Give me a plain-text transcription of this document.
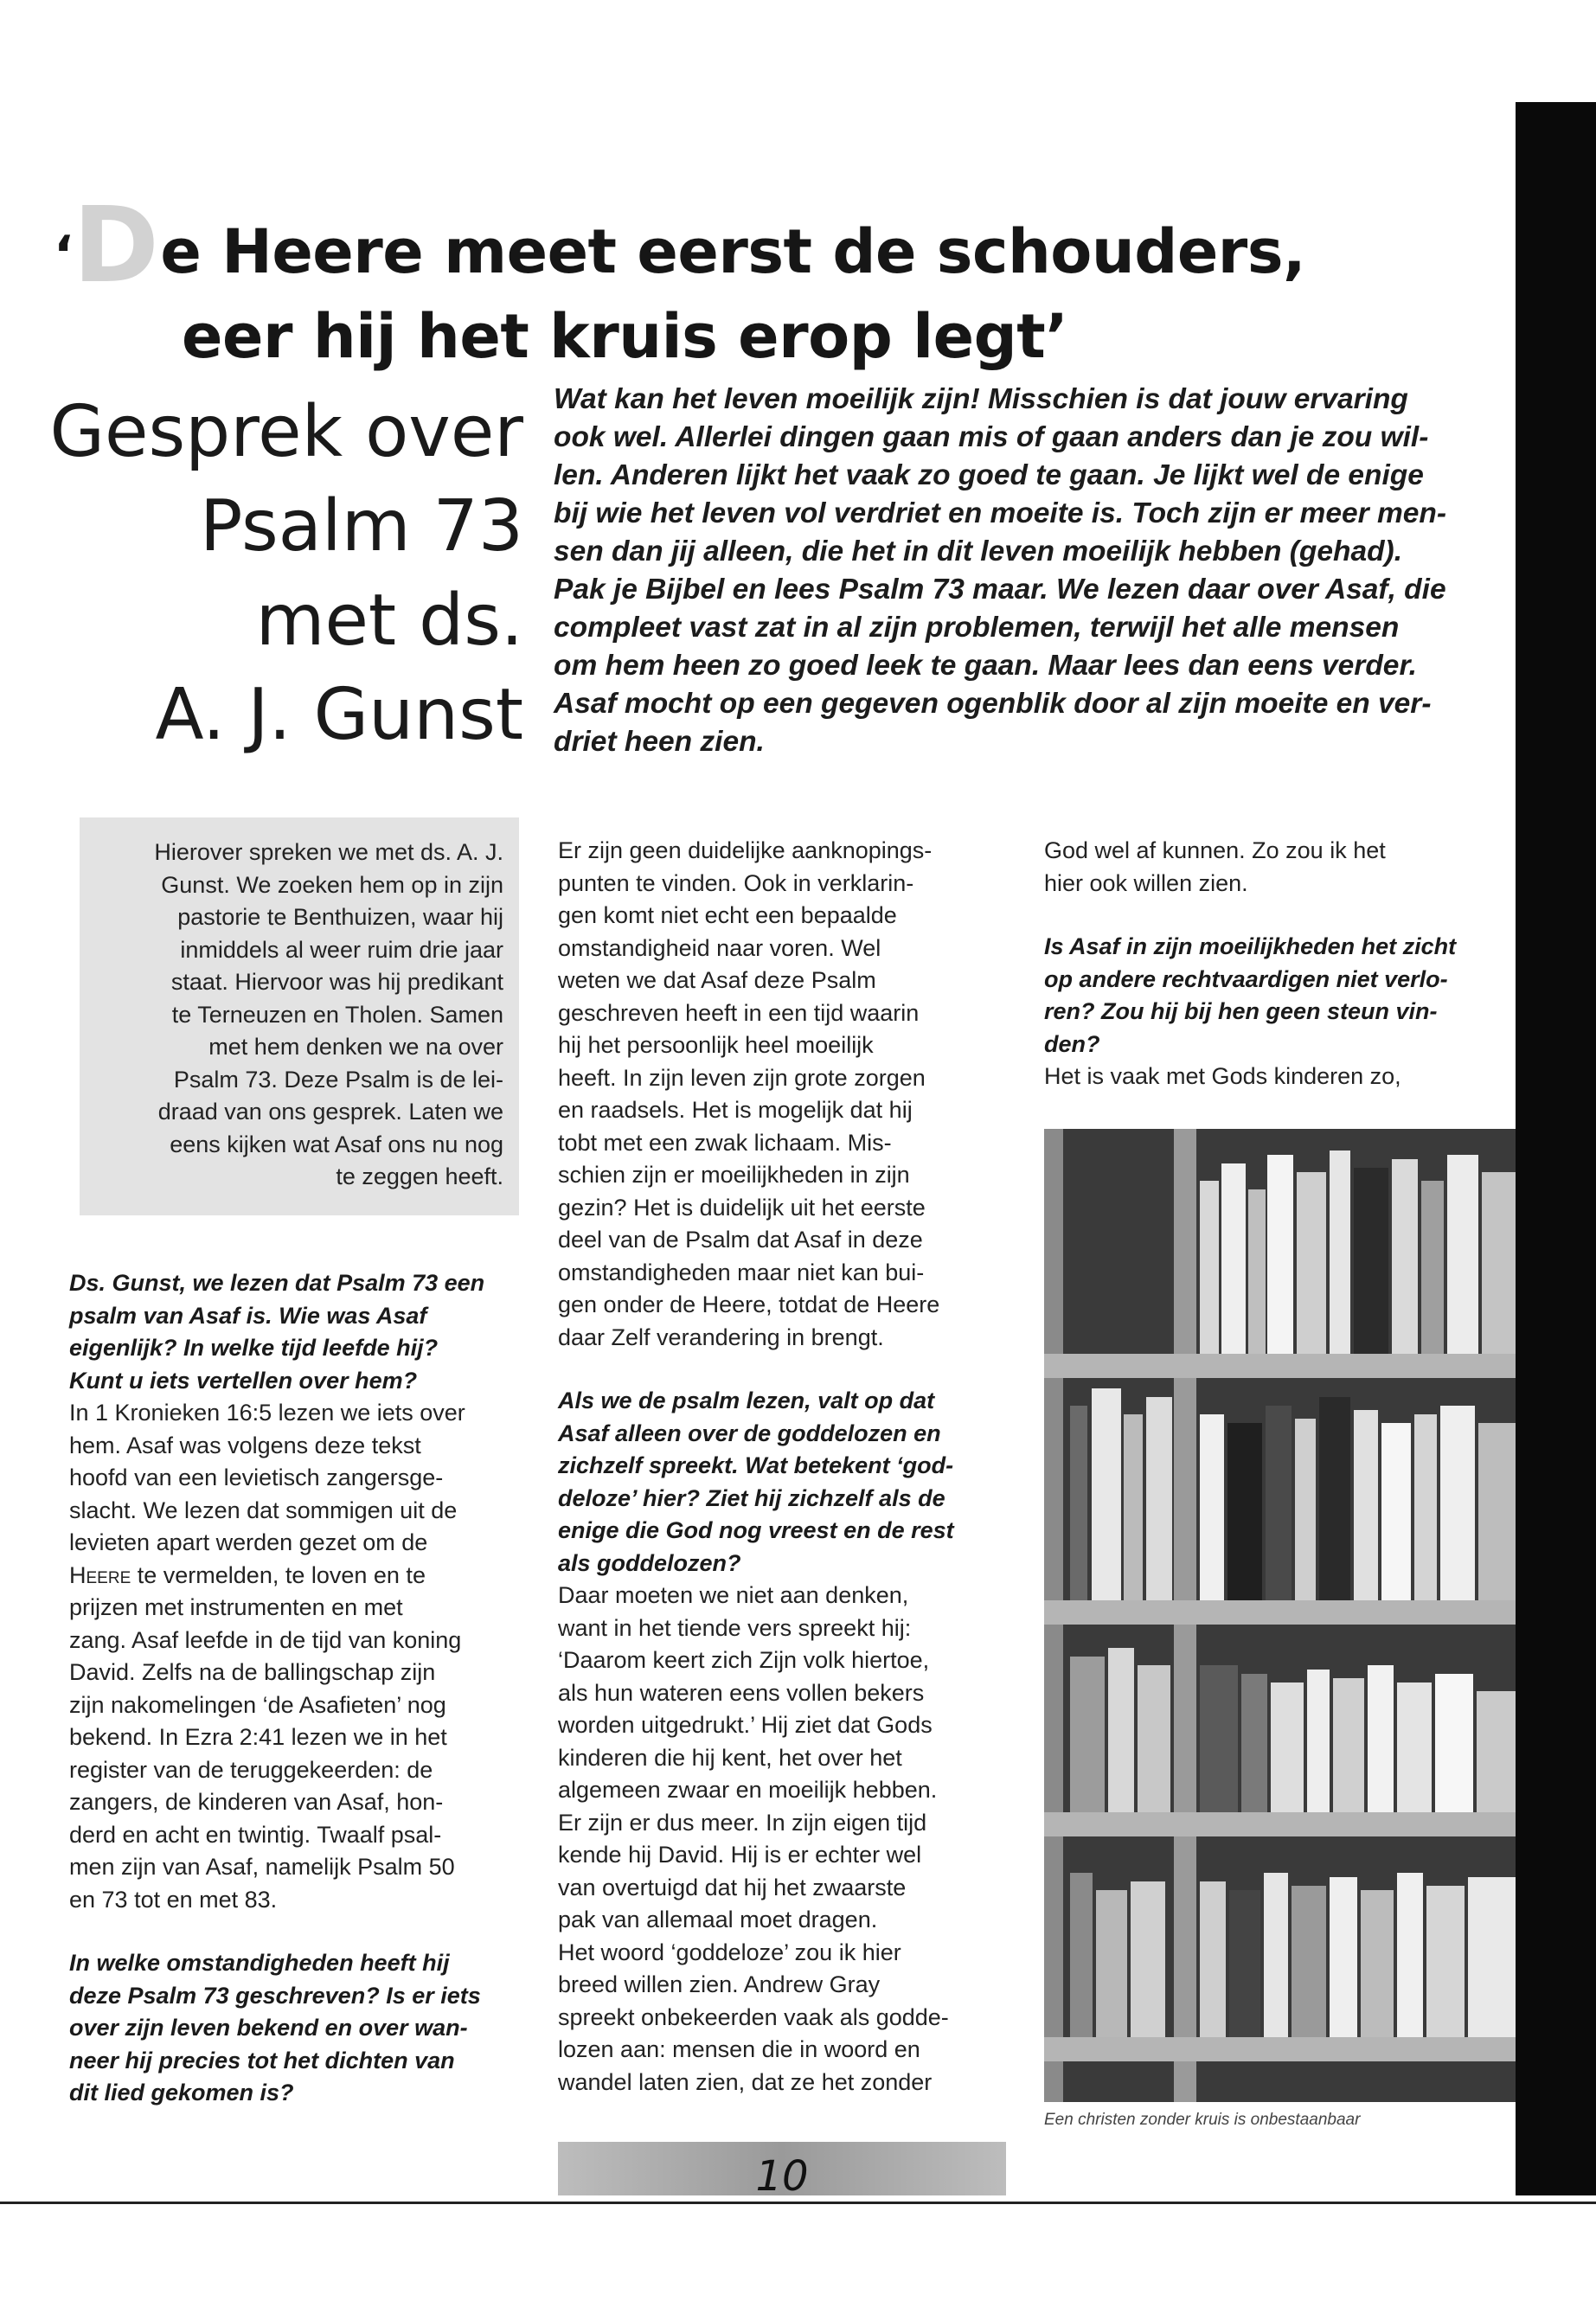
‘De Heere meet eerst de schouders,
eer hij het kruis erop legt’
Gesprek over
Psalm 73
met ds.
A. J. Gunst
Wat kan het leven moeilijk zijn! Misschien is dat jouw ervaring
ook wel. Allerlei dingen gaan mis of gaan anders dan je zou wil-
len. Anderen lijkt het vaak zo goed te gaan. Je lijkt wel de enige
bij wie het leven vol verdriet en moeite is. Toch zijn er meer men-
sen dan jij alleen, die het in dit leven moeilijk hebben (gehad).
Pak je Bijbel en lees Psalm 73 maar. We lezen daar over Asaf, die
compleet vast zat in al zijn problemen, terwijl het alle mensen
om hem heen zo goed leek te gaan. Maar lees dan eens verder.
Asaf mocht op een gegeven ogenblik door al zijn moeite en ver-
driet heen zien.

Hierover spreken we met ds. A. J.

Gunst. We zoeken hem op in zijn

pastorie te Benthuizen, waar hij

inmiddels al weer ruim drie jaar

staat. Hiervoor was hij predikant

te Terneuzen en Tholen. Samen

met hem denken we na over

Psalm 73. Deze Psalm is de lei-

draad van ons gesprek. Laten we

eens kijken wat Asaf ons nu nog

te zeggen heeft.

Ds. Gunst, we lezen dat Psalm 73 een

psalm van Asaf is. Wie was Asaf

eigenlijk? In welke tijd leefde hij?

Kunt u iets vertellen over hem?

In 1 Kronieken 16:5 lezen we iets over

hem. Asaf was volgens deze tekst

hoofd van een levietisch zangersge-

slacht. We lezen dat sommigen uit de

levieten apart werden gezet om de

Heere te vermelden, te loven en te

prijzen met instrumenten en met

zang. Asaf leefde in de tijd van koning

David. Zelfs na de ballingschap zijn

zijn nakomelingen ‘de Asafieten’ nog

bekend. In Ezra 2:41 lezen we in het

register van de teruggekeerden: de

zangers, de kinderen van Asaf, hon-

derd en acht en twintig. Twaalf psal-

men zijn van Asaf, namelijk Psalm 50

en 73 tot en met 83.

In welke omstandigheden heeft hij

deze Psalm 73 geschreven? Is er iets

over zijn leven bekend en over wan-

neer hij precies tot het dichten van

dit lied gekomen is?

Er zijn geen duidelijke aanknopings-

punten te vinden. Ook in verklarin-

gen komt niet echt een bepaalde

omstandigheid naar voren. Wel

weten we dat Asaf deze Psalm

geschreven heeft in een tijd waarin

hij het persoonlijk heel moeilijk

heeft. In zijn leven zijn grote zorgen

en raadsels. Het is mogelijk dat hij

tobt met een zwak lichaam. Mis-

schien zijn er moeilijkheden in zijn

gezin? Het is duidelijk uit het eerste

deel van de Psalm dat Asaf in deze

omstandigheden maar niet kan bui-

gen onder de Heere, totdat de Heere

daar Zelf verandering in brengt.

Als we de psalm lezen, valt op dat

Asaf alleen over de goddelozen en

zichzelf spreekt. Wat betekent ‘god-

deloze’ hier? Ziet hij zichzelf als de

enige die God nog vreest en de rest

als goddelozen?

Daar moeten we niet aan denken,

want in het tiende vers spreekt hij:

‘Daarom keert zich Zijn volk hiertoe,

als hun wateren eens vollen bekers

worden uitgedrukt.’ Hij ziet dat Gods

kinderen die hij kent, het over het

algemeen zwaar en moeilijk hebben.

Er zijn er dus meer. In zijn eigen tijd

kende hij David. Hij is er echter wel

van overtuigd dat hij het zwaarste

pak van allemaal moet dragen.

Het woord ‘goddeloze’ zou ik hier

breed willen zien. Andrew Gray

spreekt onbekeerden vaak als godde-

lozen aan: mensen die in woord en

wandel laten zien, dat ze het zonder

God wel af kunnen. Zo zou ik het

hier ook willen zien.

Is Asaf in zijn moeilijkheden het zicht

op andere rechtvaardigen niet verlo-

ren? Zou hij bij hen geen steun vin-

den?

Het is vaak met Gods kinderen zo,

Een christen zonder kruis is onbestaanbaar
10
